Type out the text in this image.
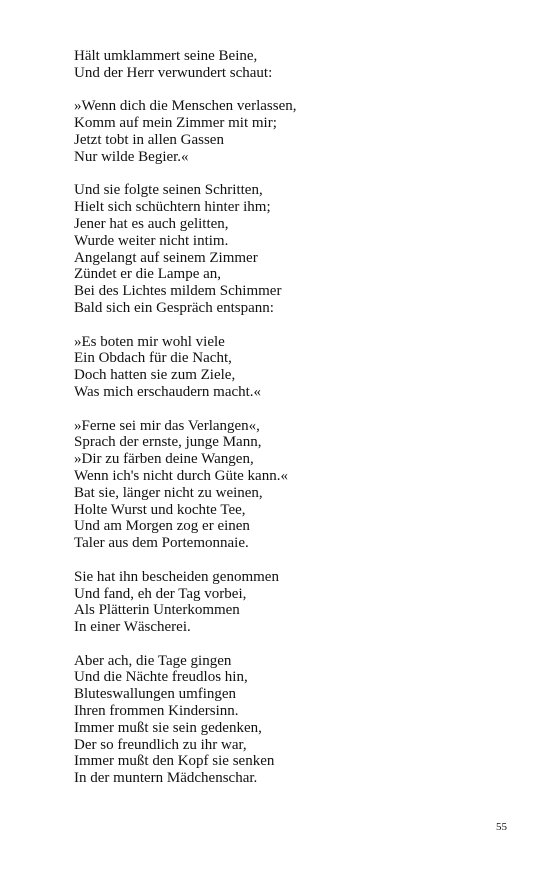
Hält umklammert seine Beine,
Und der Herr verwundert schaut:
»Wenn dich die Menschen verlassen,
Komm auf mein Zimmer mit mir;
Jetzt tobt in allen Gassen
Nur wilde Begier.«
Und sie folgte seinen Schritten,
Hielt sich schüchtern hinter ihm;
Jener hat es auch gelitten,
Wurde weiter nicht intim.
Angelangt auf seinem Zimmer
Zündet er die Lampe an,
Bei des Lichtes mildem Schimmer
Bald sich ein Gespräch entspann:
»Es boten mir wohl viele
Ein Obdach für die Nacht,
Doch hatten sie zum Ziele,
Was mich erschaudern macht.«
»Ferne sei mir das Verlangen«,
Sprach der ernste, junge Mann,
»Dir zu färben deine Wangen,
Wenn ich's nicht durch Güte kann.«
Bat sie, länger nicht zu weinen,
Holte Wurst und kochte Tee,
Und am Morgen zog er einen
Taler aus dem Portemonnaie.
Sie hat ihn bescheiden genommen
Und fand, eh der Tag vorbei,
Als Plätterin Unterkommen
In einer Wäscherei.
Aber ach, die Tage gingen
Und die Nächte freudlos hin,
Bluteswallungen umfingen
Ihren frommen Kindersinn.
Immer mußt sie sein gedenken,
Der so freundlich zu ihr war,
Immer mußt den Kopf sie senken
In der muntern Mädchenschar.
55
